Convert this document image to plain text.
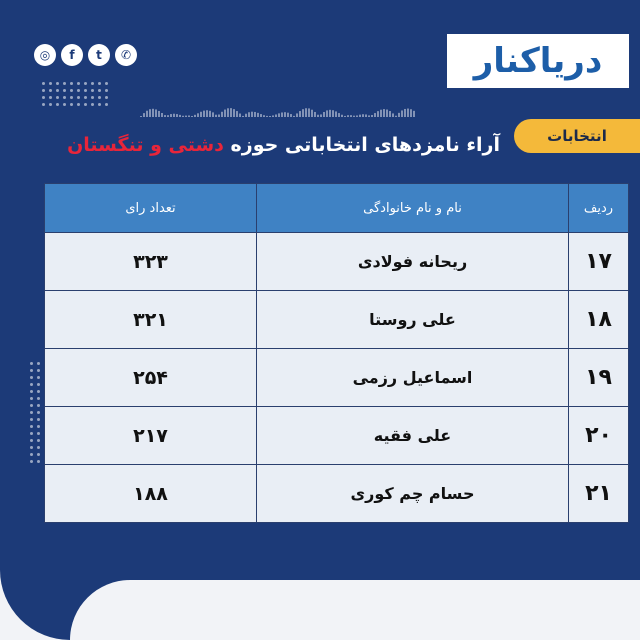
◎	f	t	✆	دریاکنار
انتخابات
آراء نامزدهای انتخاباتی حوزه دشتی و تنگستان
ردیف	نام و نام خانوادگی	تعداد رای
۱۷	ریحانه فولادی	۳۲۳
۱۸	علی روستا	۳۲۱
۱۹	اسماعیل رزمی	۲۵۴
۲۰	علی فقیه	۲۱۷
۲۱	حسام چم کوری	۱۸۸
